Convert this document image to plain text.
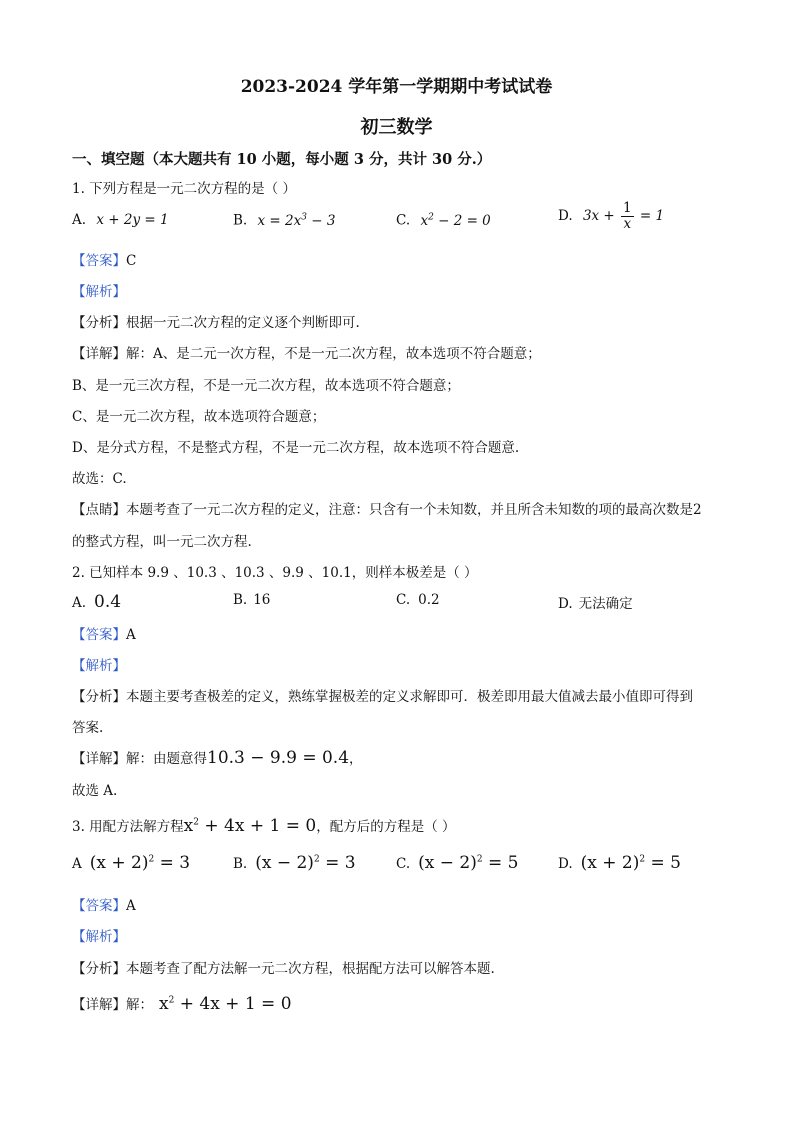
2023-2024 学年第一学期期中考试试卷
初三数学
一、填空题（本大题共有 10 小题，每小题 3 分，共计 30 分.）
1. 下列方程是一元二次方程的是（ ）
A. x + 2y = 1	B. $x = 2x^3 - 3$	C. $x^2 - 2 = 0$	D. $3x + \frac{1}{x} = 1$
【答案】C
【解析】
【分析】根据一元二次方程的定义逐个判断即可.
【详解】解：A、是二元一次方程，不是一元二次方程，故本选项不符合题意；
B、是一元三次方程，不是一元二次方程，故本选项不符合题意；
C、是一元二次方程，故本选项符合题意；
D、是分式方程，不是整式方程，不是一元二次方程，故本选项不符合题意.
故选：C.
【点睛】本题考查了一元二次方程的定义，注意：只含有一个未知数，并且所含未知数的项的最高次数是2
的整式方程，叫一元二次方程.
2. 已知样本 9.9 、10.3 、10.3 、9.9 、10.1，则样本极差是（ ）
A. 0.4	B. 16	C. 0.2	D. 无法确定
【答案】A
【解析】
【分析】本题主要考查极差的定义，熟练掌握极差的定义求解即可．极差即用最大值减去最小值即可得到
答案.
【详解】解：由题意得10.3 − 9.9 = 0.4，
故选 A.
3. 用配方法解方程$x^2 + 4x + 1 = 0$，配方后的方程是（ ）
A $(x + 2)^2 = 3$	B. $(x - 2)^2 = 3$	C. $(x - 2)^2 = 5$	D. $(x + 2)^2 = 5$
【答案】A
【解析】
【分析】本题考查了配方法解一元二次方程，根据配方法可以解答本题.
【详解】解： $x^2 + 4x + 1 = 0$
